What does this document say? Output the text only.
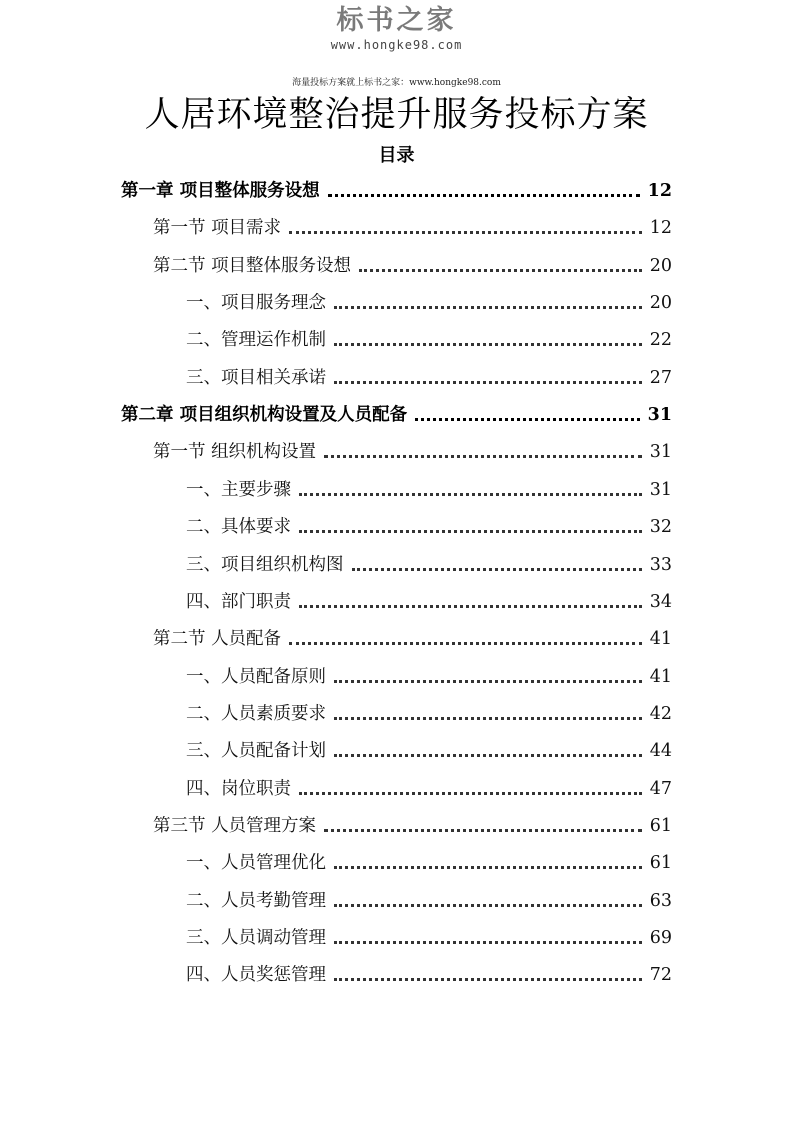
标书之家
www.hongke98.com
海量投标方案就上标书之家：www.hongke98.com
人居环境整治提升服务投标方案
目录
第一章 项目整体服务设想	12
第一节 项目需求	12
第二节 项目整体服务设想	20
一、项目服务理念	20
二、管理运作机制	22
三、项目相关承诺	27
第二章 项目组织机构设置及人员配备	31
第一节 组织机构设置	31
一、主要步骤	31
二、具体要求	32
三、项目组织机构图	33
四、部门职责	34
第二节 人员配备	41
一、人员配备原则	41
二、人员素质要求	42
三、人员配备计划	44
四、岗位职责	47
第三节 人员管理方案	61
一、人员管理优化	61
二、人员考勤管理	63
三、人员调动管理	69
四、人员奖惩管理	72
